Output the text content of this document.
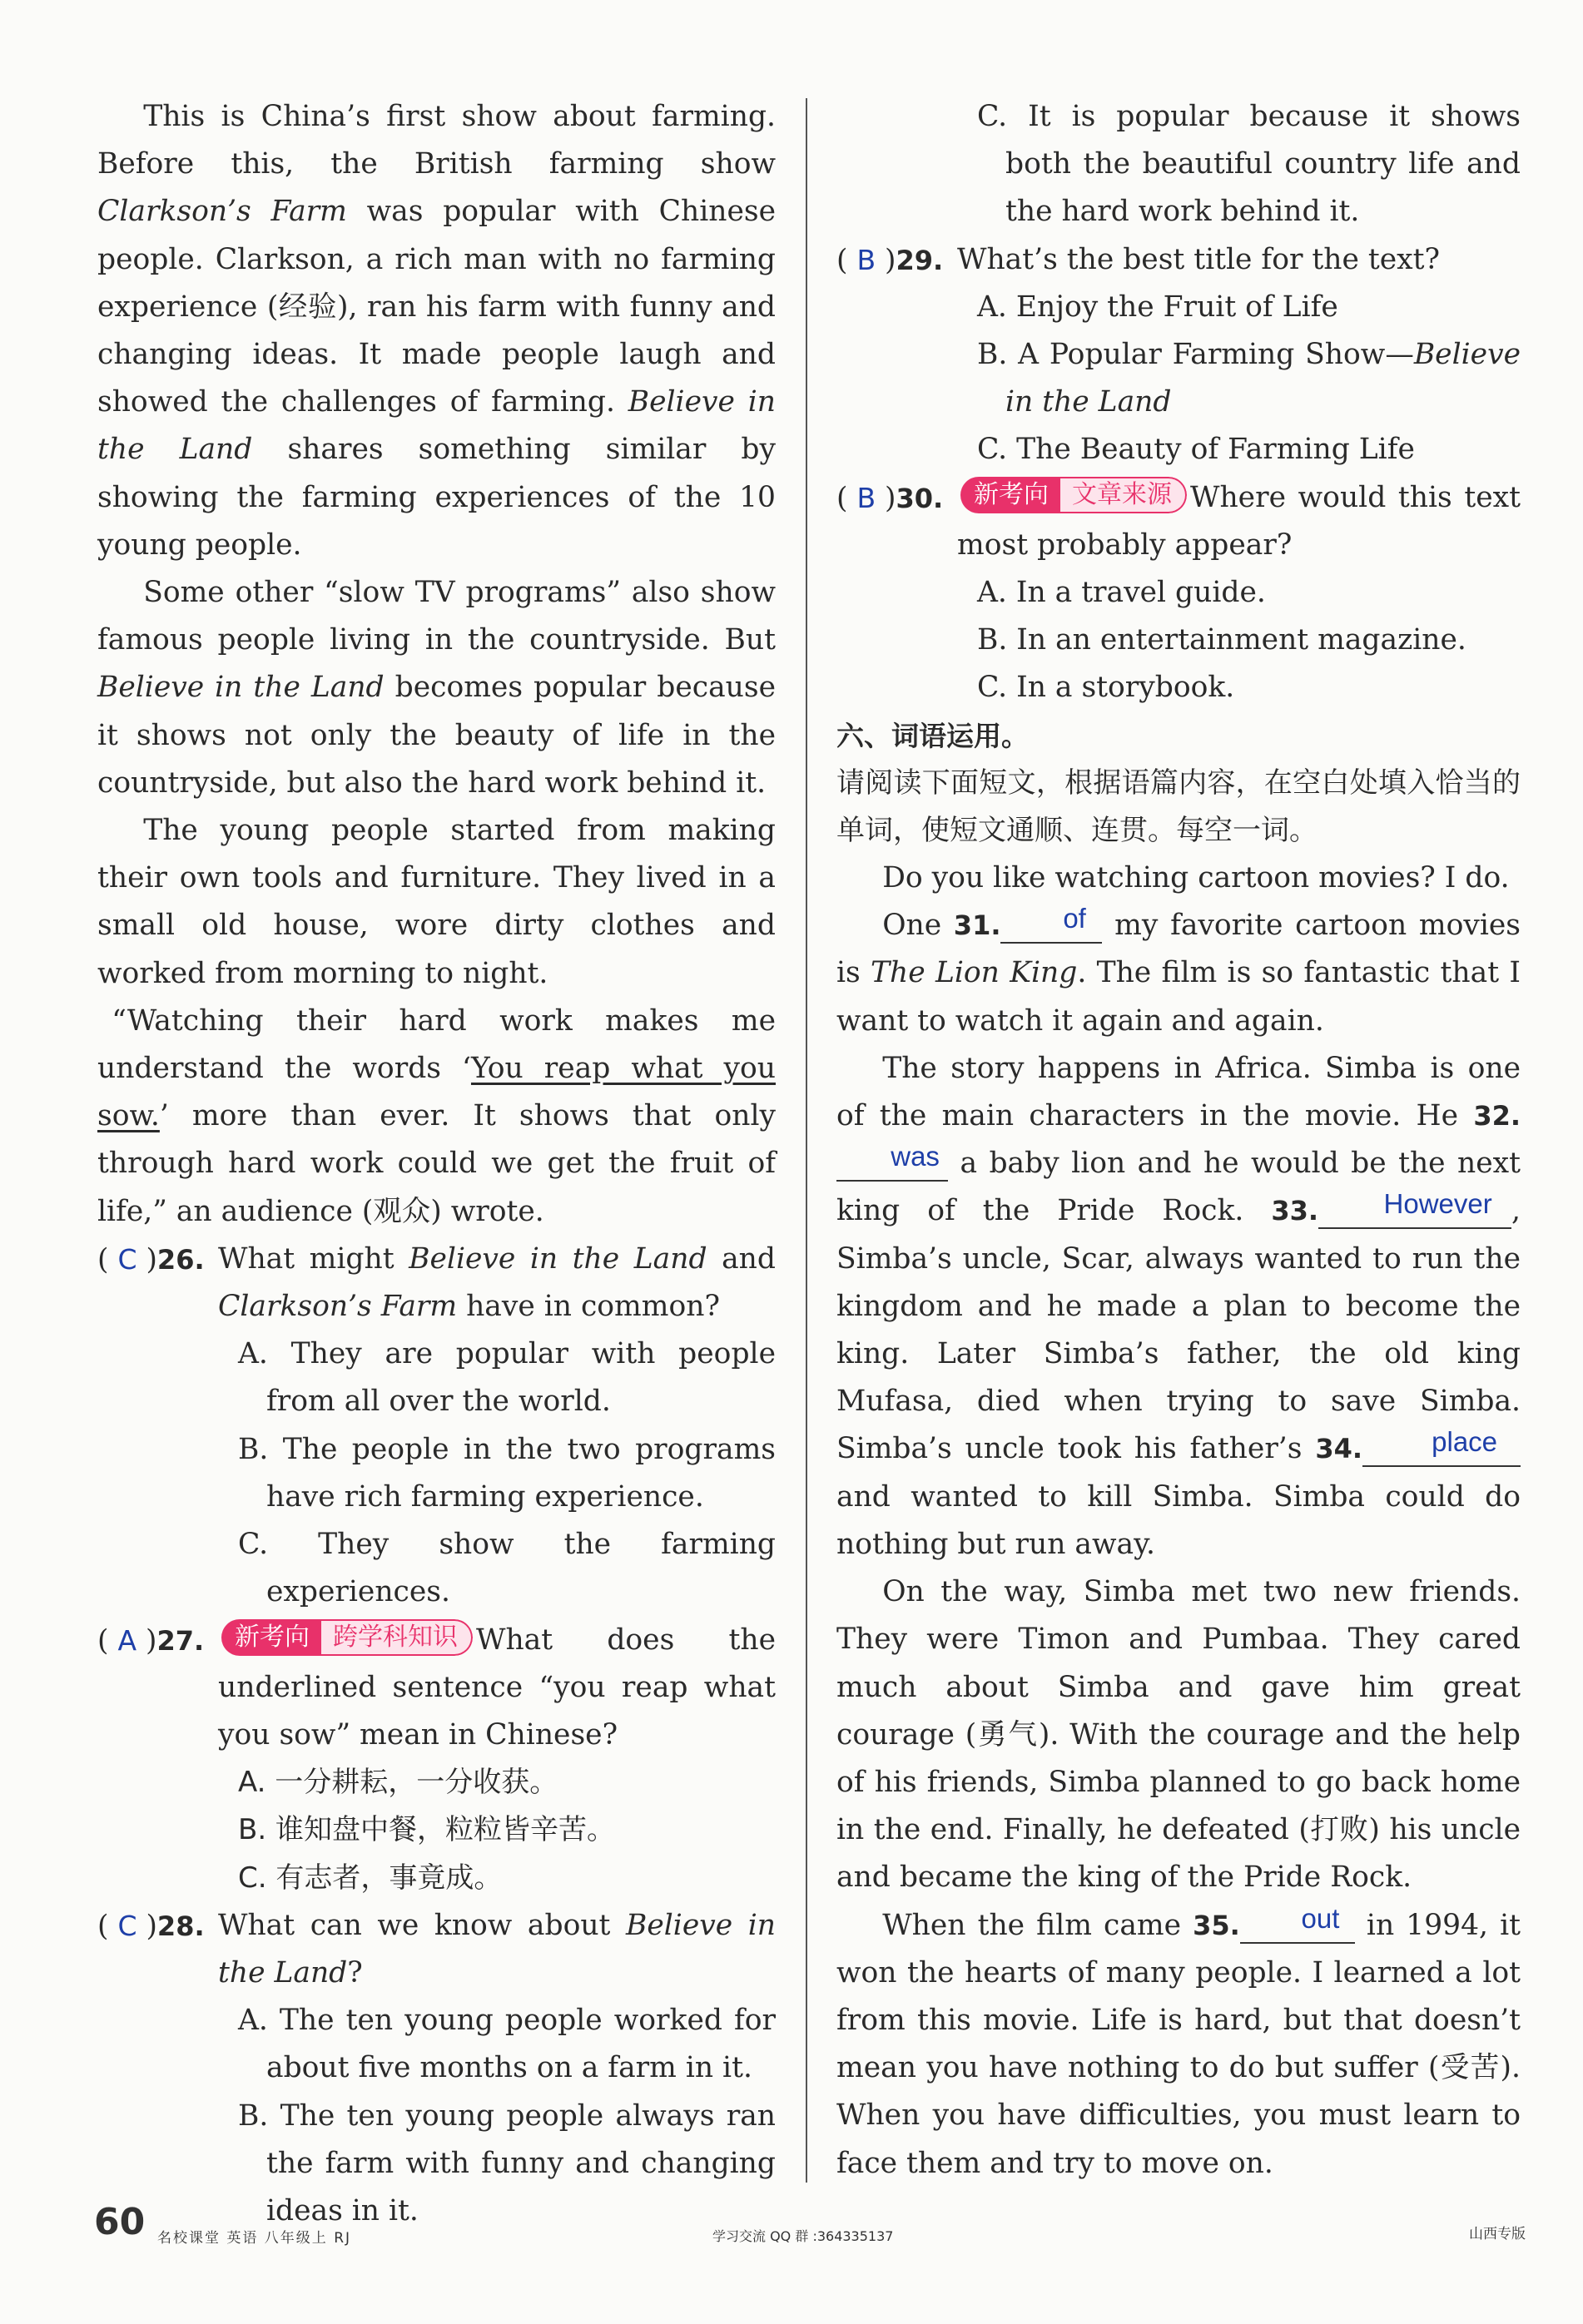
This is China’s first show about farming. Before this, the British farming show Clarkson’s Farm was popular with Chinese people. Clarkson, a rich man with no farming experience (经验), ran his farm with funny and changing ideas. It made people laugh and showed the challenges of farming. Believe in the Land shares something similar by showing the farming experiences of the 10 young people.

Some other “slow TV programs” also show famous people living in the countryside. But Believe in the Land becomes popular because it shows not only the beauty of life in the countryside, but also the hard work behind it.

The young people started from making their own tools and furniture. They lived in a small old house, wore dirty clothes and worked from morning to night.

“Watching their hard work makes me understand the words ‘You reap what you sow.’ more than ever. It shows that only through hard work could we get the fruit of life,” an audience (观众) wrote.

( C )26. What might Believe in the Land and Clarkson’s Farm have in common?

A. They are popular with people from all over the world.

B. The people in the two programs have rich farming experience.

C. They show the farming experiences.

( A )27.	新考向 跨学科知识 What does the underlined sentence “you reap what you sow” mean in Chinese?

A. 一分耕耘，一分收获。

B. 谁知盘中餐，粒粒皆辛苦。

C. 有志者，事竟成。

( C )28. What can we know about Believe in the Land?

A. The ten young people worked for about five months on a farm in it.

B. The ten young people always ran the farm with funny and changing ideas in it.

C. It is popular because it shows both the beautiful country life and the hard work behind it.

( B )29. What’s the best title for the text?

A. Enjoy the Fruit of Life

B. A Popular Farming Show—Believe in the Land

C. The Beauty of Farming Life

( B )30.	新考向 文章来源 Where would this text most probably appear?

A. In a travel guide.

B. In an entertainment magazine.

C. In a storybook.

六、词语运用。

请阅读下面短文，根据语篇内容，在空白处填入恰当的单词，使短文通顺、连贯。每空一词。

Do you like watching cartoon movies? I do.

One 31. of my favorite cartoon movies is The Lion King. The film is so fantastic that I want to watch it again and again.

The story happens in Africa. Simba is one of the main characters in the movie. He 32.was a baby lion and he would be the next king of the Pride Rock. 33. However , Simba’s uncle, Scar, always wanted to run the kingdom and he made a plan to become the king. Later Simba’s father, the old king Mufasa, died when trying to save Simba. Simba’s uncle took his father’s 34.	place and wanted to kill Simba. Simba could do nothing but run away.

On the way, Simba met two new friends. They were Timon and Pumbaa. They cared much about Simba and gave him great courage (勇气). With the courage and the help of his friends, Simba planned to go back home in the end. Finally, he defeated (打败) his uncle and became the king of the Pride Rock.

When the film came 35. out in 1994, it won the hearts of many people. I learned a lot from this movie. Life is hard, but that doesn’t mean you have nothing to do but suffer (受苦). When you have difficulties, you must learn to face them and try to move on.

60 名校课堂 英语 八年级上 RJ	学习交流 QQ 群 :364335137	山西专版
